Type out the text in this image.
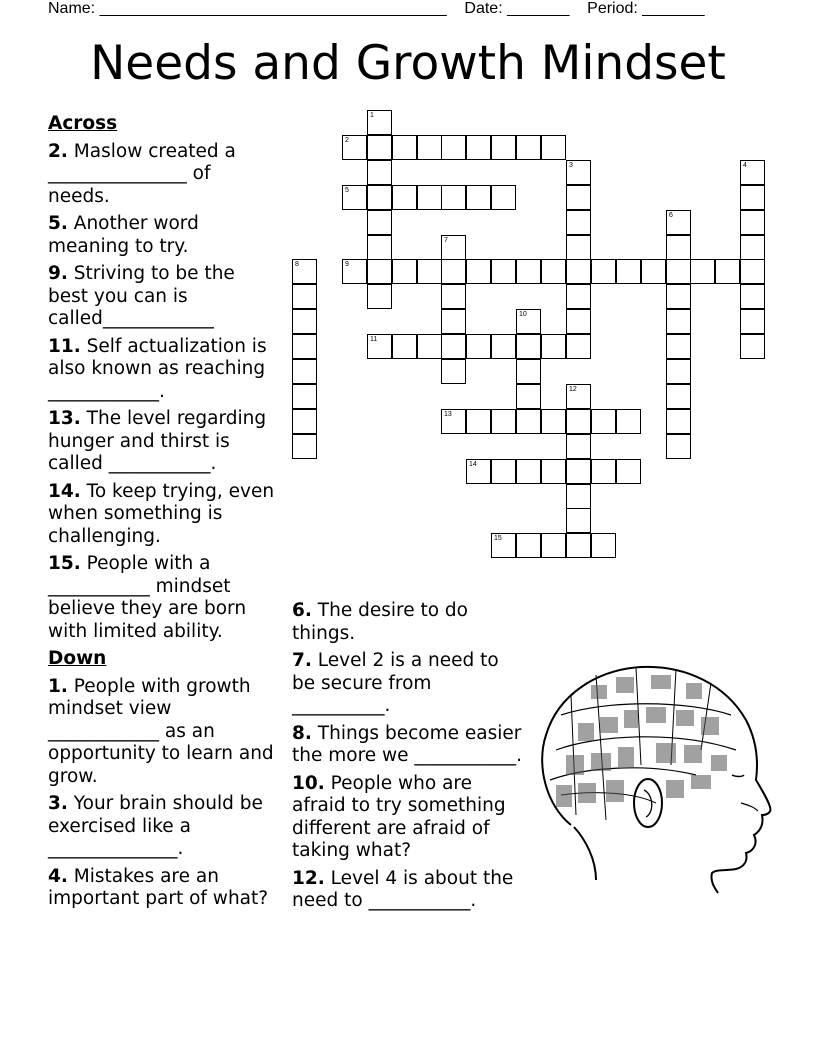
Name: _______________________________________    Date: _______    Period: _______
Needs and Growth Mindset
Across
2. Maslow created a _______________ of needs.
5. Another word meaning to try.
9. Striving to be the best you can is called____________
11. Self actualization is also known as reaching ____________.
13. The level regarding hunger and thirst is called ___________.
14. To keep trying, even when something is challenging.
15. People with a ___________ mindset believe they are born with limited ability.
Down
1. People with growth mindset view ____________ as an opportunity to learn and grow.
3. Your brain should be exercised like a ______________.
4. Mistakes are an important part of what?
6. The desire to do things.
7. Level 2 is a need to be secure from __________.
8. Things become easier the more we ___________.
10. People who are afraid to try something different are afraid of taking what?
12. Level 4 is about the need to ___________.
1
2
3	4
5
6
7
8	9
10
11
12
13
14
15
